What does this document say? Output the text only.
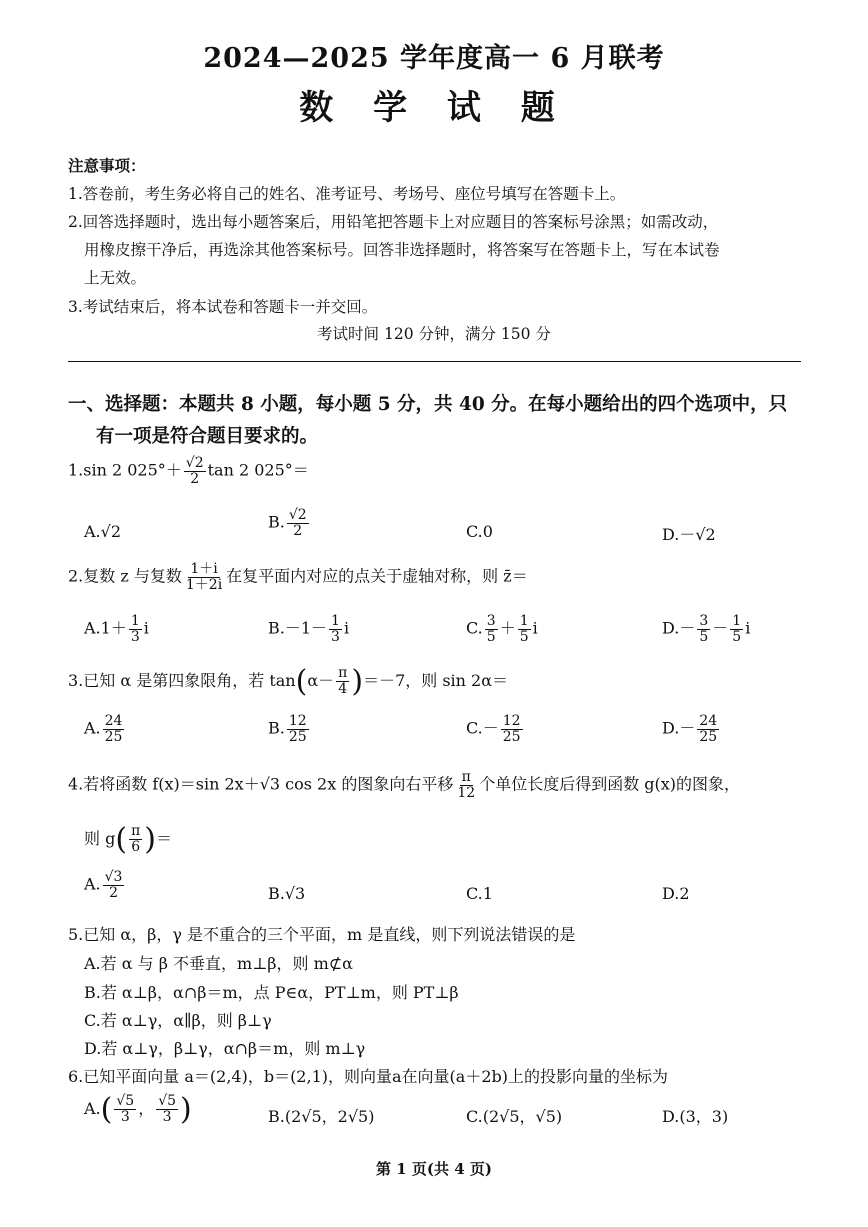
2024—2025 学年度高一 6 月联考
数 学 试 题
注意事项：
1.答卷前，考生务必将自己的姓名、准考证号、考场号、座位号填写在答题卡上。
2.回答选择题时，选出每小题答案后，用铅笔把答题卡上对应题目的答案标号涂黑；如需改动，
用橡皮擦干净后，再选涂其他答案标号。回答非选择题时，将答案写在答题卡上，写在本试卷
上无效。
3.考试结束后，将本试卷和答题卡一并交回。
考试时间 120 分钟，满分 150 分
一、选择题：本题共 8 小题，每小题 5 分，共 40 分。在每小题给出的四个选项中，只
有一项是符合题目要求的。
1.sin 2 $025^\circ+ \frac{√2}{2}$ tan 2 025°＝
A.√2	B. $\frac{√2}{2}$	C.0	D.－√2
2.复数 z 与复数 $\frac{1+i}{1+2i}$ 在复平面内对应的点关于虚轴对称，则 z̄＝
$A.1+ \frac{1}{3}$ i	$B.-1- \frac{1}{3}$ i	C. $\frac{3}{5} + \frac{1}{5}$ i	$D.- \frac{3}{5} - \frac{1}{5}$ i
3.已知 α 是第四象限角，若 $\tan(\alpha- \frac{\pi}{4} )=-7$，则 sin 2α＝
A. $\frac{24}{25}$	B. $\frac{12}{25}$	$C.- \frac{12}{25}$	$D.- \frac{24}{25}$
4.若将函数 f(x)＝sin 2x＋√3 cos 2x 的图象向右平移 $\frac{\pi}{12}$ 个单位长度后得到函数 g(x)的图象，
则 $g( \frac{\pi}{6}$ )＝
A. $\frac{√3}{2}$	B.√3	C.1	D.2
5.已知 α，β，γ 是不重合的三个平面，m 是直线，则下列说法错误的是
A.若 α 与 β 不垂直，m⊥β，则 m⊄α
B.若 α⊥β，α∩β＝m，点 P∈α，PT⊥m，则 PT⊥β
C.若 α⊥γ，α∥β，则 β⊥γ
D.若 α⊥γ，β⊥γ，α∩β＝m，则 m⊥γ
6.已知平面向量 a＝(2,4)，b＝(2,1)，则向量a在向量(a＋2b)上的投影向量的坐标为
$A.( \frac{√5}{3}$ ， $\frac{√5}{3}$ )	B.(2√5，2√5)	C.(2√5，√5)	D.(3，3)
第 1 页(共 4 页)
